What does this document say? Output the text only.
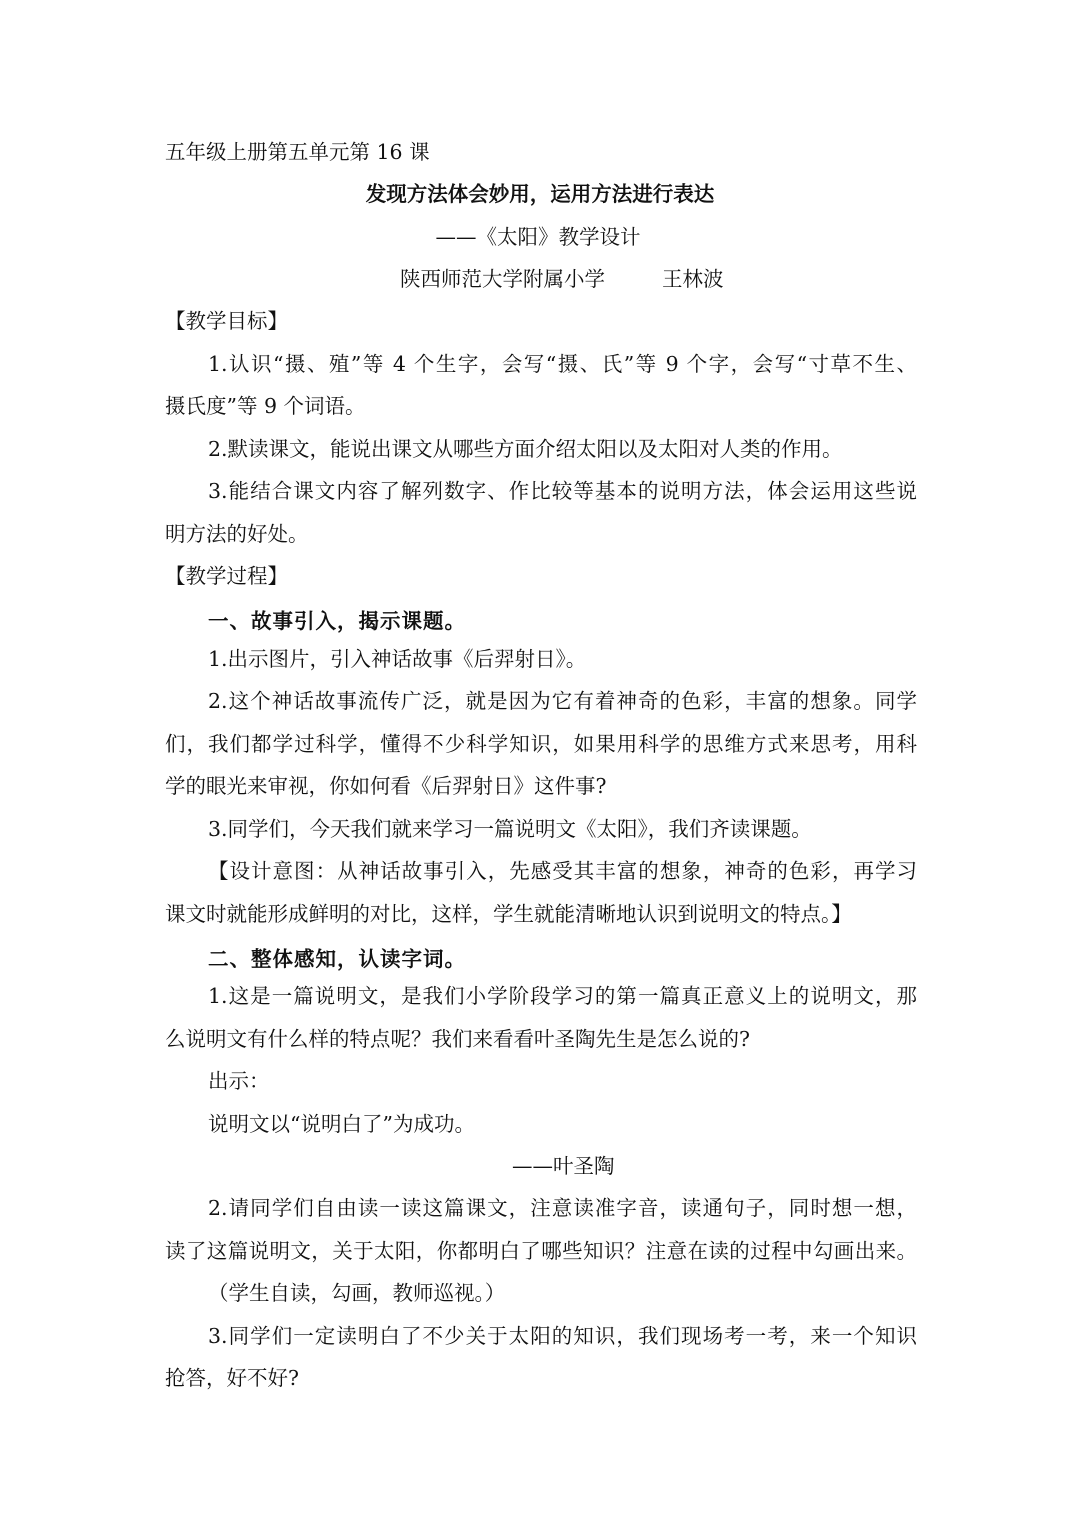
五年级上册第五单元第 16 课
发现方法体会妙用，运用方法进行表达
——《太阳》教学设计
陕西师范大学附属小学	王林波
【教学目标】
1.认识“摄、殖”等 4 个生字，会写“摄、氏”等 9 个字，会写“寸草不生、
摄氏度”等 9 个词语。
2.默读课文，能说出课文从哪些方面介绍太阳以及太阳对人类的作用。
3.能结合课文内容了解列数字、作比较等基本的说明方法，体会运用这些说
明方法的好处。
【教学过程】
一、故事引入，揭示课题。
1.出示图片，引入神话故事《后羿射日》。
2.这个神话故事流传广泛，就是因为它有着神奇的色彩，丰富的想象。同学
们，我们都学过科学，懂得不少科学知识，如果用科学的思维方式来思考，用科
学的眼光来审视，你如何看《后羿射日》这件事?
3.同学们，今天我们就来学习一篇说明文《太阳》，我们齐读课题。
【设计意图：从神话故事引入，先感受其丰富的想象，神奇的色彩，再学习
课文时就能形成鲜明的对比，这样，学生就能清晰地认识到说明文的特点。】
二、整体感知，认读字词。
1.这是一篇说明文，是我们小学阶段学习的第一篇真正意义上的说明文，那
么说明文有什么样的特点呢？我们来看看叶圣陶先生是怎么说的?
出示：
说明文以“说明白了”为成功。
——叶圣陶
2.请同学们自由读一读这篇课文，注意读准字音，读通句子，同时想一想，
读了这篇说明文，关于太阳，你都明白了哪些知识？注意在读的过程中勾画出来。
（学生自读，勾画，教师巡视。）
3.同学们一定读明白了不少关于太阳的知识，我们现场考一考，来一个知识
抢答，好不好?
